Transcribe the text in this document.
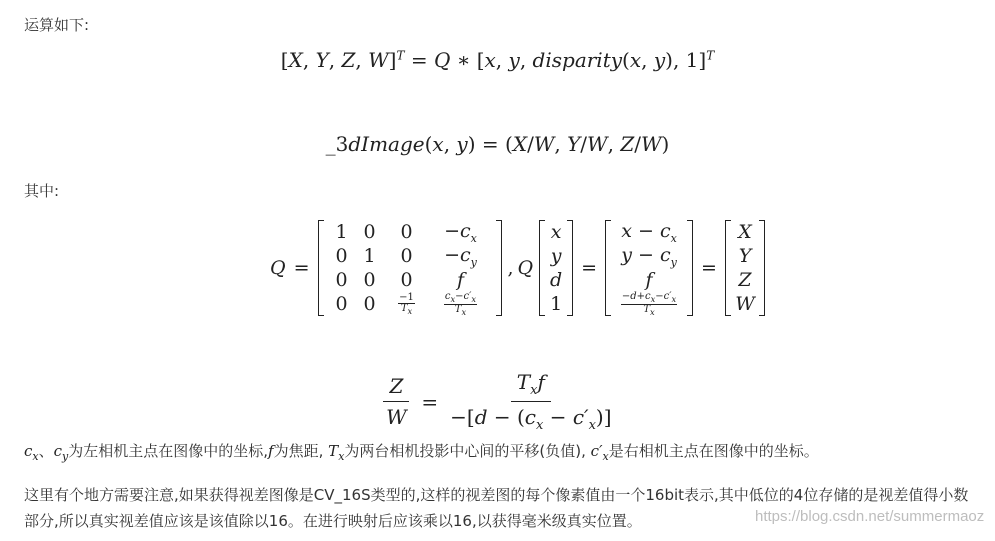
运算如下:
[X, Y, Z, W]$^T$ = Q ∗ [x, y, disparity(x, y), 1]$^T$
_3dImage(x, y) = (X/W, Y/W, Z/W)
其中:
Q =
1 0	0	$-c_x$
0 1	0	$-c_y$
0 0	0	f
0 0	$\frac{-1}{T_x}$	$\frac{c_x-c'_x}{T_x}$
, Q
x
y
d
1
=
$x - c_x$
$y - c_y$
f
$\frac{-d+c_x-c'_x}{T_x}$
=
X
Y
Z
W
$\frac{Z}{W} = \frac{T_xf}{-[d - (c_x - c'_x)]}$
$c_x$、$c_y$为左相机主点在图像中的坐标,f为焦距, $T_x$为两台相机投影中心间的平移(负值), $c'_x$是右相机主点在图像中的坐标。
这里有个地方需要注意,如果获得视差图像是CV_16S类型的,这样的视差图的每个像素值由一个16bit表示,其中低位的4位存储的是视差值得小数部分,所以真实视差值应该是该值除以16。在进行映射后应该乘以16,以获得毫米级真实位置。	https://blog.csdn.net/summermaoz
